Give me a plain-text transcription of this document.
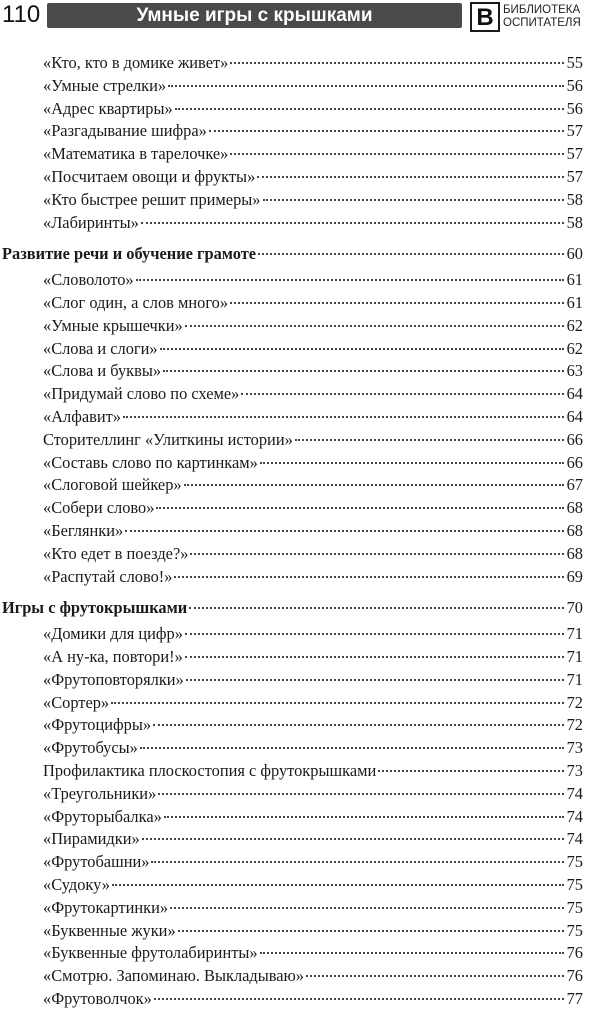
110	Умные игры с крышками	В БИБЛИОТЕКА
ОСПИТАТЕЛЯ
«Кто, кто в домике живет»	55
«Умные стрелки»	56
«Адрес квартиры»	56
«Разгадывание шифра»	57
«Математика в тарелочке»	57
«Посчитаем овощи и фрукты»	57
«Кто быстрее решит примеры»	58
«Лабиринты»	58
Развитие речи и обучение грамоте	60
«Словолото»	61
«Слог один, а слов много»	61
«Умные крышечки»	62
«Слова и слоги»	62
«Слова и буквы»	63
«Придумай слово по схеме»	64
«Алфавит»	64
Сторителлинг «Улиткины истории»	66
«Составь слово по картинкам»	66
«Слоговой шейкер»	67
«Собери слово»	68
«Беглянки»	68
«Кто едет в поезде?»	68
«Распутай слово!»	69
Игры с фрутокрышками	70
«Домики для цифр»	71
«А ну-ка, повтори!»	71
«Фрутоповторялки»	71
«Сортер»	72
«Фрутоцифры»	72
«Фрутобусы»	73
Профилактика плоскостопия с фрутокрышками	73
«Треугольники»	74
«Фруторыбалка»	74
«Пирамидки»	74
«Фрутобашни»	75
«Судоку»	75
«Фрутокартинки»	75
«Буквенные жуки»	75
«Буквенные фрутолабиринты»	76
«Смотрю. Запоминаю. Выкладываю»	76
«Фрутоволчок»	77
